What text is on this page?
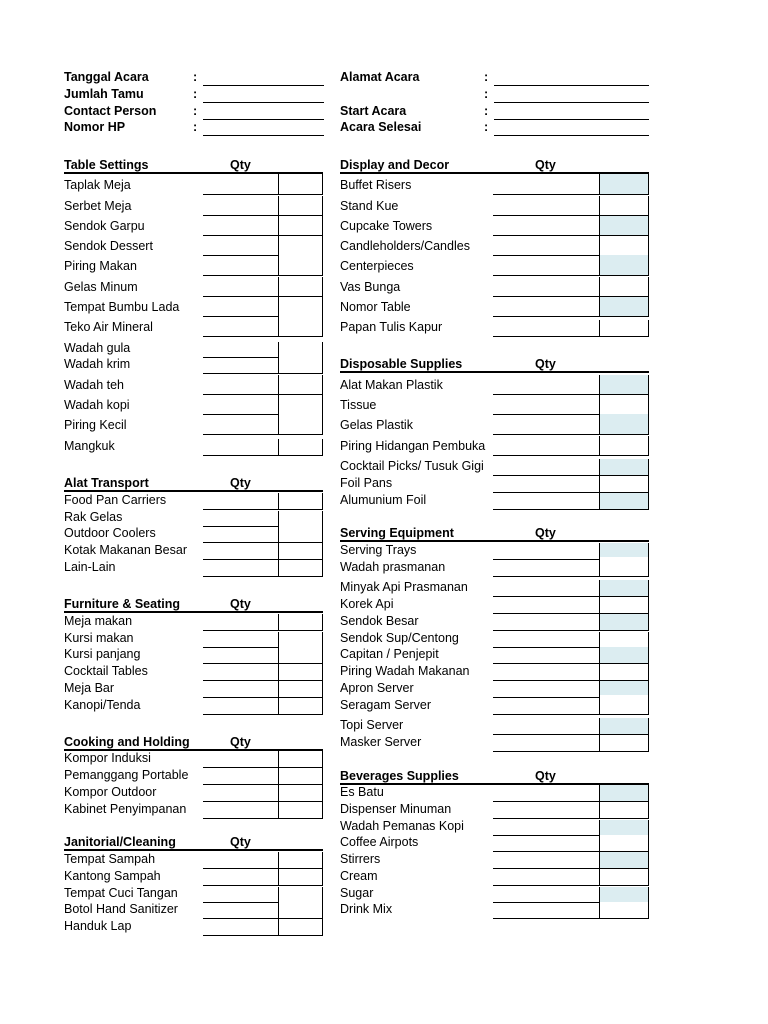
Tanggal Acara	:
Jumlah Tamu	:
Contact Person	:
Nomor HP	:
Alamat Acara	:
:
Start Acara	:
Acara Selesai	:
Table Settings	Qty
Taplak Meja
Serbet Meja
Sendok Garpu
Sendok Dessert
Piring Makan
Gelas Minum
Tempat Bumbu Lada
Teko Air Mineral
Wadah gula
Wadah krim
Wadah teh
Wadah kopi
Piring Kecil
Mangkuk
Alat Transport	Qty
Food Pan Carriers
Rak Gelas
Outdoor Coolers
Kotak Makanan Besar
Lain-Lain
Furniture & Seating	Qty
Meja makan
Kursi makan
Kursi panjang
Cocktail Tables
Meja Bar
Kanopi/Tenda
Cooking and Holding	Qty
Kompor Induksi
Pemanggang Portable
Kompor Outdoor
Kabinet Penyimpanan
Janitorial/Cleaning	Qty
Tempat Sampah
Kantong Sampah
Tempat Cuci Tangan
Botol Hand Sanitizer
Handuk Lap
Display and Decor	Qty
Buffet Risers
Stand Kue
Cupcake Towers
Candleholders/Candles
Centerpieces
Vas Bunga
Nomor Table
Papan Tulis Kapur
Disposable Supplies	Qty
Alat Makan Plastik
Tissue
Gelas Plastik
Piring Hidangan Pembuka
Cocktail Picks/ Tusuk Gigi
Foil Pans
Alumunium Foil
Serving Equipment	Qty
Serving Trays
Wadah prasmanan
Minyak Api Prasmanan
Korek Api
Sendok Besar
Sendok Sup/Centong
Capitan / Penjepit
Piring Wadah Makanan
Apron Server
Seragam Server
Topi Server
Masker Server
Beverages Supplies	Qty
Es Batu
Dispenser Minuman
Wadah Pemanas Kopi
Coffee Airpots
Stirrers
Cream
Sugar
Drink Mix
